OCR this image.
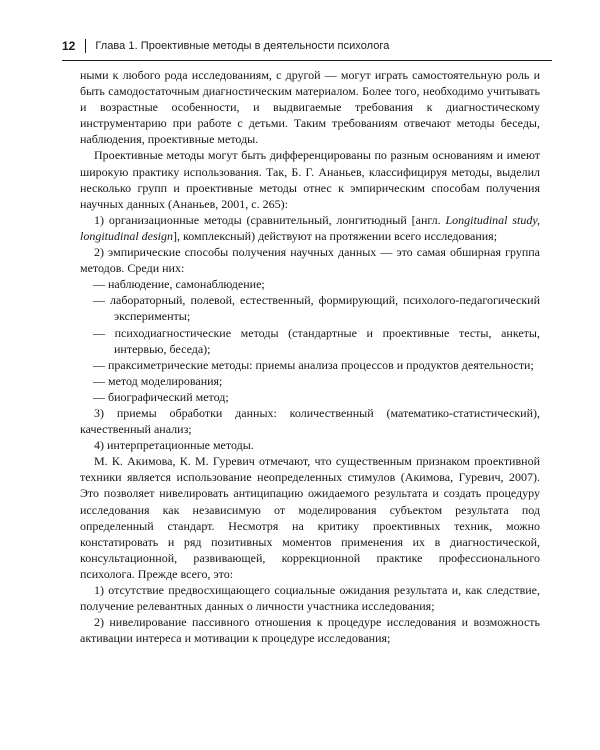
12 Глава 1. Проективные методы в деятельности психолога

ными к любого рода исследованиям, с другой — могут играть самостоятельную роль и быть самодостаточным диагностическим материалом. Более того, необходимо учитывать и возрастные особенности, и выдвигаемые требования к диагностическому инструментарию при работе с детьми. Таким требованиям отвечают методы беседы, наблюдения, проективные методы.

Проективные методы могут быть дифференцированы по разным основаниям и имеют широкую практику использования. Так, Б. Г. Ананьев, классифицируя методы, выделил несколько групп и проективные методы отнес к эмпирическим способам получения научных данных (Ананьев, 2001, с. 265):

1) организационные методы (сравнительный, лонгитюдный [англ. Longitudinal study, longitudinal design], комплексный) действуют на протяжении всего исследования;

2) эмпирические способы получения научных данных — это самая обширная группа методов. Среди них:

— наблюдение, самонаблюдение;

— лабораторный, полевой, естественный, формирующий, психолого-педагогический эксперименты;

— психодиагностические методы (стандартные и проективные тесты, анкеты, интервью, беседа);

— праксиметрические методы: приемы анализа процессов и продуктов деятельности;

— метод моделирования;

— биографический метод;

3) приемы обработки данных: количественный (математико-статистический), качественный анализ;

4) интерпретационные методы.

М. К. Акимова, К. М. Гуревич отмечают, что существенным признаком проективной техники является использование неопределенных стимулов (Акимова, Гуревич, 2007). Это позволяет нивелировать антиципацию ожидаемого результата и создать процедуру исследования как независимую от моделирования субъектом результата под определенный стандарт. Несмотря на критику проективных техник, можно констатировать и ряд позитивных моментов применения их в диагностической, консультационной, развивающей, коррекционной практике профессионального психолога. Прежде всего, это:

1) отсутствие предвосхищающего социальные ожидания результата и, как следствие, получение релевантных данных о личности участника исследования;

2) нивелирование пассивного отношения к процедуре исследования и возможность активации интереса и мотивации к процедуре исследования;
